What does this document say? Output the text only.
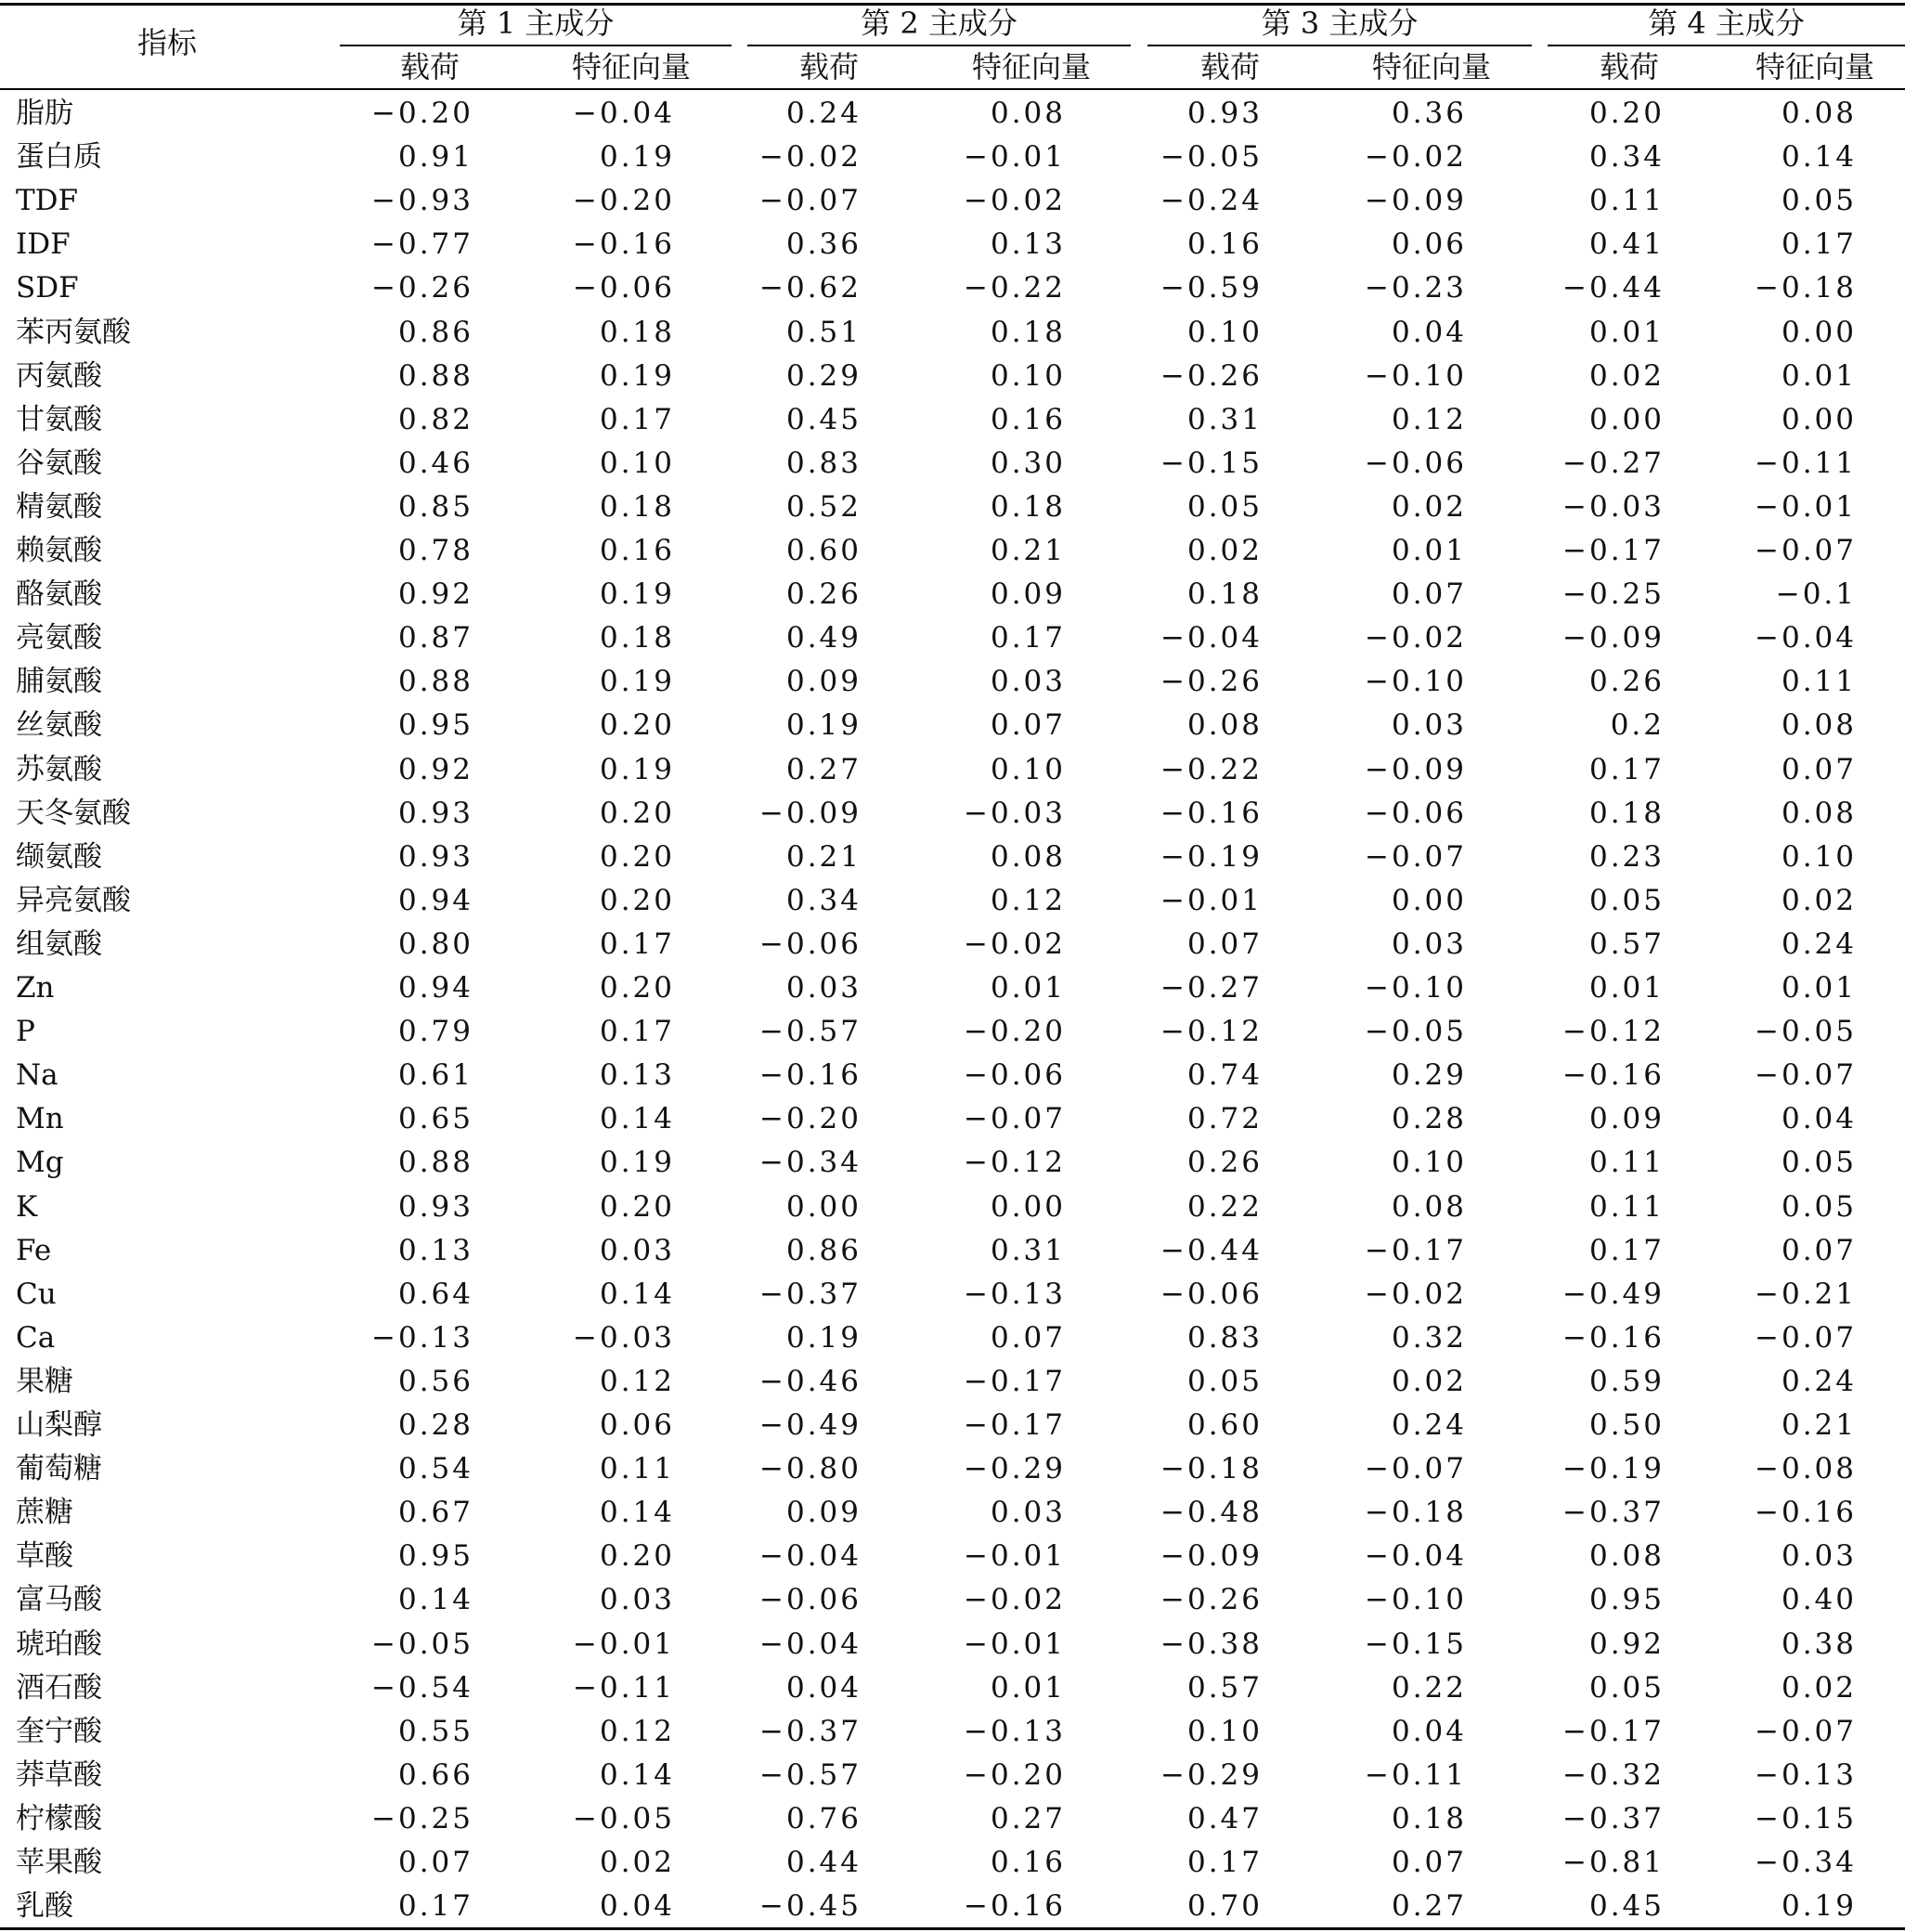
指标
第 1 主成分	第 2 主成分	第 3 主成分	第 4 主成分
载荷	特征向量	载荷	特征向量	载荷	特征向量	载荷	特征向量
脂肪	−0.20	−0.04	0.24	0.08	0.93	0.36	0.20	0.08
蛋白质	0.91	0.19	−0.02	−0.01	−0.05	−0.02	0.34	0.14
TDF	−0.93	−0.20	−0.07	−0.02	−0.24	−0.09	0.11	0.05
IDF	−0.77	−0.16	0.36	0.13	0.16	0.06	0.41	0.17
SDF	−0.26	−0.06	−0.62	−0.22	−0.59	−0.23	−0.44	−0.18
苯丙氨酸	0.86	0.18	0.51	0.18	0.10	0.04	0.01	0.00
丙氨酸	0.88	0.19	0.29	0.10	−0.26	−0.10	0.02	0.01
甘氨酸	0.82	0.17	0.45	0.16	0.31	0.12	0.00	0.00
谷氨酸	0.46	0.10	0.83	0.30	−0.15	−0.06	−0.27	−0.11
精氨酸	0.85	0.18	0.52	0.18	0.05	0.02	−0.03	−0.01
赖氨酸	0.78	0.16	0.60	0.21	0.02	0.01	−0.17	−0.07
酪氨酸	0.92	0.19	0.26	0.09	0.18	0.07	−0.25	−0.1
亮氨酸	0.87	0.18	0.49	0.17	−0.04	−0.02	−0.09	−0.04
脯氨酸	0.88	0.19	0.09	0.03	−0.26	−0.10	0.26	0.11
丝氨酸	0.95	0.20	0.19	0.07	0.08	0.03	0.2	0.08
苏氨酸	0.92	0.19	0.27	0.10	−0.22	−0.09	0.17	0.07
天冬氨酸	0.93	0.20	−0.09	−0.03	−0.16	−0.06	0.18	0.08
缬氨酸	0.93	0.20	0.21	0.08	−0.19	−0.07	0.23	0.10
异亮氨酸	0.94	0.20	0.34	0.12	−0.01	0.00	0.05	0.02
组氨酸	0.80	0.17	−0.06	−0.02	0.07	0.03	0.57	0.24
Zn	0.94	0.20	0.03	0.01	−0.27	−0.10	0.01	0.01
P	0.79	0.17	−0.57	−0.20	−0.12	−0.05	−0.12	−0.05
Na	0.61	0.13	−0.16	−0.06	0.74	0.29	−0.16	−0.07
Mn	0.65	0.14	−0.20	−0.07	0.72	0.28	0.09	0.04
Mg	0.88	0.19	−0.34	−0.12	0.26	0.10	0.11	0.05
K	0.93	0.20	0.00	0.00	0.22	0.08	0.11	0.05
Fe	0.13	0.03	0.86	0.31	−0.44	−0.17	0.17	0.07
Cu	0.64	0.14	−0.37	−0.13	−0.06	−0.02	−0.49	−0.21
Ca	−0.13	−0.03	0.19	0.07	0.83	0.32	−0.16	−0.07
果糖	0.56	0.12	−0.46	−0.17	0.05	0.02	0.59	0.24
山梨醇	0.28	0.06	−0.49	−0.17	0.60	0.24	0.50	0.21
葡萄糖	0.54	0.11	−0.80	−0.29	−0.18	−0.07	−0.19	−0.08
蔗糖	0.67	0.14	0.09	0.03	−0.48	−0.18	−0.37	−0.16
草酸	0.95	0.20	−0.04	−0.01	−0.09	−0.04	0.08	0.03
富马酸	0.14	0.03	−0.06	−0.02	−0.26	−0.10	0.95	0.40
琥珀酸	−0.05	−0.01	−0.04	−0.01	−0.38	−0.15	0.92	0.38
酒石酸	−0.54	−0.11	0.04	0.01	0.57	0.22	0.05	0.02
奎宁酸	0.55	0.12	−0.37	−0.13	0.10	0.04	−0.17	−0.07
莽草酸	0.66	0.14	−0.57	−0.20	−0.29	−0.11	−0.32	−0.13
柠檬酸	−0.25	−0.05	0.76	0.27	0.47	0.18	−0.37	−0.15
苹果酸	0.07	0.02	0.44	0.16	0.17	0.07	−0.81	−0.34
乳酸	0.17	0.04	−0.45	−0.16	0.70	0.27	0.45	0.19
